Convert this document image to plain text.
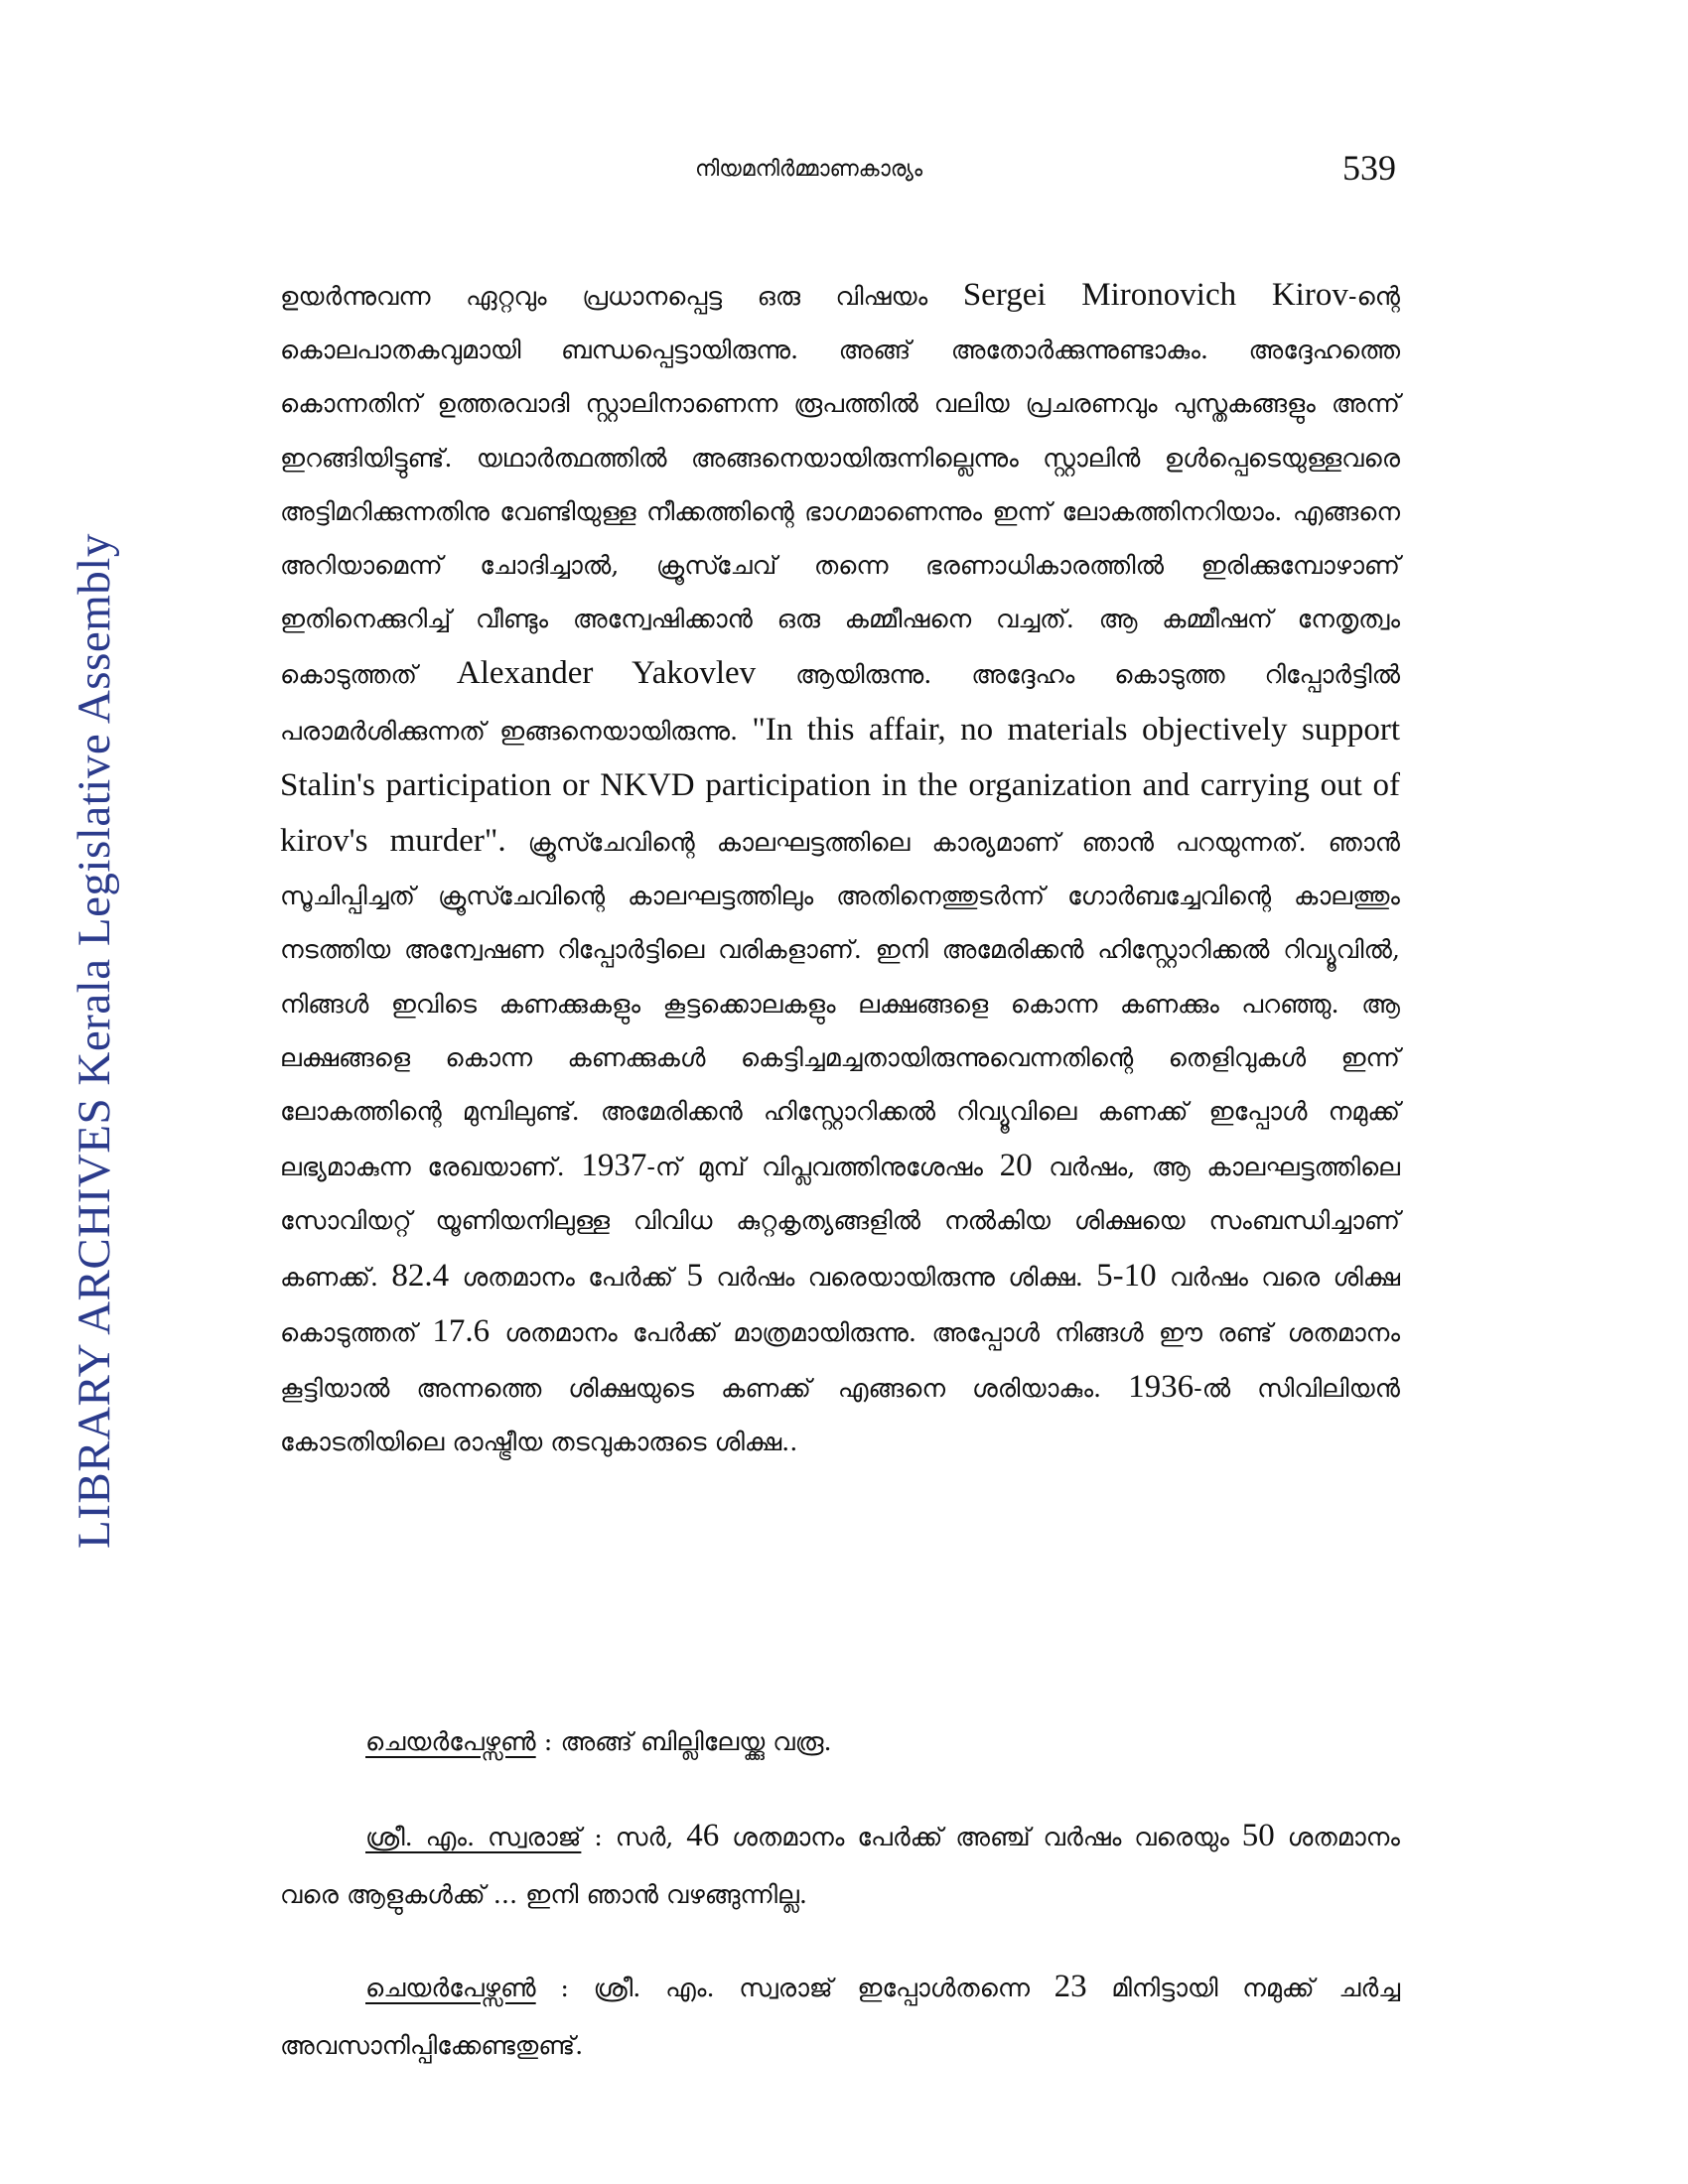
LIBRARY ARCHIVES Kerala Legislative Assembly
നിയമനിർമ്മാണകാര്യം	539
ഉയർന്നുവന്ന ഏറ്റവും പ്രധാനപ്പെട്ട ഒരു വിഷയം Sergei Mironovich Kirov-ന്റെ കൊലപാതകവുമായി ബന്ധപ്പെട്ടായിരുന്നു. അങ്ങ് അതോർക്കുന്നുണ്ടാകും. അദ്ദേഹത്തെ കൊന്നതിന് ഉത്തരവാദി സ്റ്റാലിനാണെന്ന രൂപത്തിൽ വലിയ പ്രചരണവും പുസ്തകങ്ങളും അന്ന് ഇറങ്ങിയിട്ടുണ്ട്. യഥാർത്ഥത്തിൽ അങ്ങനെയായിരുന്നില്ലെന്നും സ്റ്റാലിൻ ഉൾപ്പെടെയുള്ളവരെ അട്ടിമറിക്കുന്നതിനു വേണ്ടിയുള്ള നീക്കത്തിന്റെ ഭാഗമാണെന്നും ഇന്ന് ലോകത്തിനറിയാം. എങ്ങനെ അറിയാമെന്ന് ചോദിച്ചാൽ, ക്രൂസ്ചേവ് തന്നെ ഭരണാധികാരത്തിൽ ഇരിക്കുമ്പോഴാണ് ഇതിനെക്കുറിച്ച് വീണ്ടും അന്വേഷിക്കാൻ ഒരു കമ്മീഷനെ വച്ചത്. ആ കമ്മീഷന് നേതൃത്വം കൊടുത്തത് Alexander Yakovlev ആയിരുന്നു. അദ്ദേഹം കൊടുത്ത റിപ്പോർട്ടിൽ പരാമർശിക്കുന്നത് ഇങ്ങനെയായിരുന്നു. "In this affair, no materials objectively support Stalin's participation or NKVD participation in the organization and carrying out of kirov's murder". ക്രൂസ്ചേവിന്റെ കാലഘട്ടത്തിലെ കാര്യമാണ് ഞാൻ പറയുന്നത്. ഞാൻ സൂചിപ്പിച്ചത് ക്രൂസ്ചേവിന്റെ കാലഘട്ടത്തിലും അതിനെത്തുടർന്ന് ഗോർബച്ചേവിന്റെ കാലത്തും നടത്തിയ അന്വേഷണ റിപ്പോർട്ടിലെ വരികളാണ്. ഇനി അമേരിക്കൻ ഹിസ്റ്റോറിക്കൽ റിവ്യൂവിൽ, നിങ്ങൾ ഇവിടെ കണക്കുകളും കൂട്ടക്കൊലകളും ലക്ഷങ്ങളെ കൊന്ന കണക്കും പറഞ്ഞു. ആ ലക്ഷങ്ങളെ കൊന്ന കണക്കുകൾ കെട്ടിച്ചമച്ചതായിരുന്നുവെന്നതിന്റെ തെളിവുകൾ ഇന്ന് ലോകത്തിന്റെ മുമ്പിലുണ്ട്. അമേരിക്കൻ ഹിസ്റ്റോറിക്കൽ റിവ്യൂവിലെ കണക്ക് ഇപ്പോൾ നമുക്ക് ലഭ്യമാകുന്ന രേഖയാണ്. 1937-ന് മുമ്പ് വിപ്ലവത്തിനുശേഷം 20 വർഷം, ആ കാലഘട്ടത്തിലെ സോവിയറ്റ് യൂണിയനിലുള്ള വിവിധ കുറ്റകൃത്യങ്ങളിൽ നൽകിയ ശിക്ഷയെ സംബന്ധിച്ചാണ് കണക്ക്. 82.4 ശതമാനം പേർക്ക് 5 വർഷം വരെയായിരുന്നു ശിക്ഷ. 5-10 വർഷം വരെ ശിക്ഷ കൊടുത്തത് 17.6 ശതമാനം പേർക്ക് മാത്രമായിരുന്നു. അപ്പോൾ നിങ്ങൾ ഈ രണ്ട് ശതമാനം കൂട്ടിയാൽ അന്നത്തെ ശിക്ഷയുടെ കണക്ക് എങ്ങനെ ശരിയാകും. 1936-ൽ സിവിലിയൻ കോടതിയിലെ രാഷ്ട്രീയ തടവുകാരുടെ ശിക്ഷ..
ചെയർപേഴ്സൺ : അങ്ങ് ബില്ലിലേയ്ക്കു വരൂ.
ശ്രീ. എം. സ്വരാജ് : സർ, 46 ശതമാനം പേർക്ക് അഞ്ച് വർഷം വരെയും 50 ശതമാനം വരെ ആളുകൾക്ക് ... ഇനി ഞാൻ വഴങ്ങുന്നില്ല.
ചെയർപേഴ്സൺ : ശ്രീ. എം. സ്വരാജ് ഇപ്പോൾതന്നെ 23 മിനിട്ടായി നമുക്ക് ചർച്ച അവസാനിപ്പിക്കേണ്ടതുണ്ട്.
